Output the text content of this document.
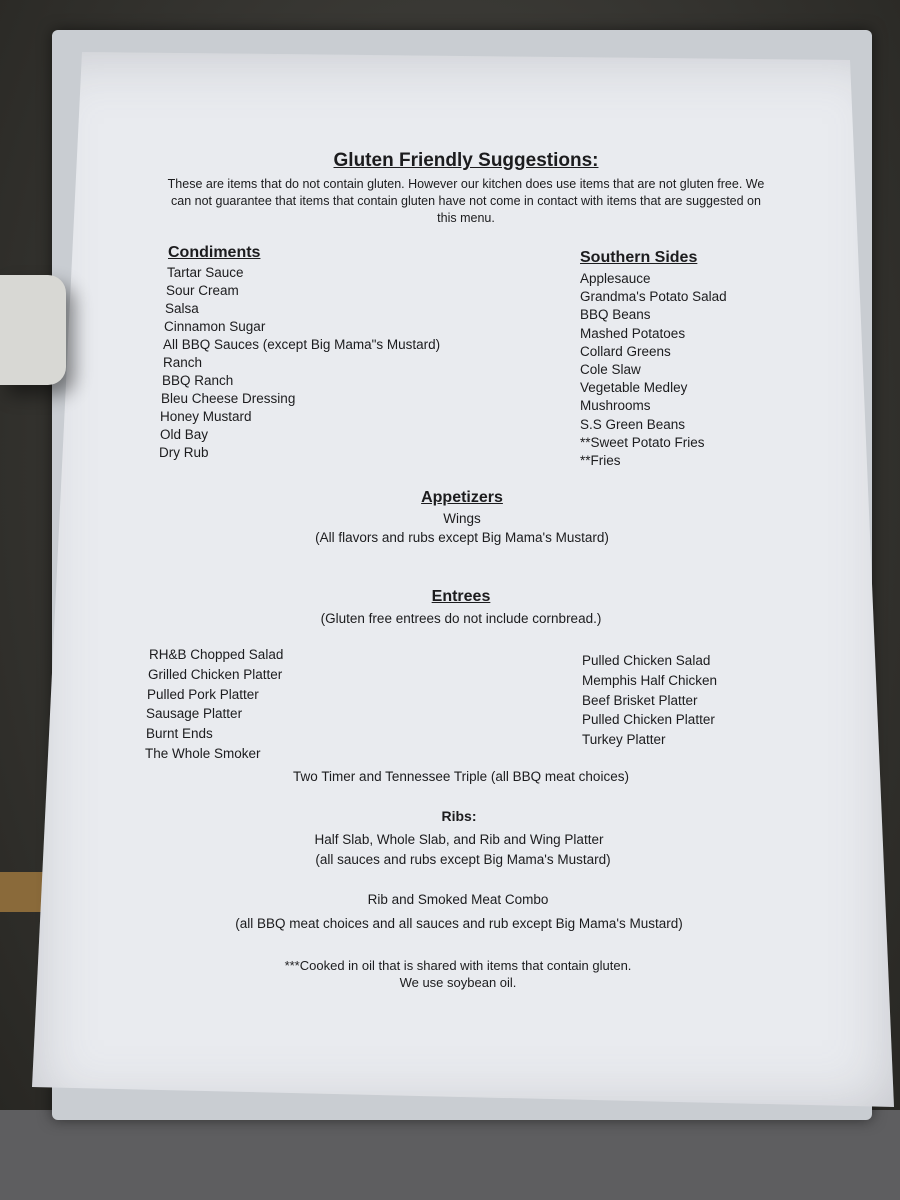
Gluten Friendly Suggestions:
These are items that do not contain gluten. However our kitchen does use items that are not gluten free. We can not guarantee that items that contain gluten have not come in contact with items that are suggested on this menu.
Condiments
Tartar Sauce
Sour Cream
Salsa
Cinnamon Sugar
All BBQ Sauces (except Big Mama"s Mustard)
Ranch
BBQ Ranch
Bleu Cheese Dressing
Honey Mustard
Old Bay
Dry Rub
Southern Sides
Applesauce
Grandma's Potato Salad
BBQ Beans
Mashed Potatoes
Collard Greens
Cole Slaw
Vegetable Medley
Mushrooms
S.S Green Beans
**Sweet Potato Fries
**Fries
Appetizers
Wings
(All flavors and rubs except Big Mama's Mustard)
Entrees
(Gluten free entrees do not include cornbread.)
RH&B Chopped Salad
Grilled Chicken Platter
Pulled Pork Platter
Sausage Platter
Burnt Ends
The Whole Smoker
Pulled Chicken Salad
Memphis Half Chicken
Beef Brisket Platter
Pulled Chicken Platter
Turkey Platter
Two Timer and Tennessee Triple (all BBQ meat choices)
Ribs:
Half Slab, Whole Slab, and Rib and Wing Platter
(all sauces and rubs except Big Mama's Mustard)
Rib and Smoked Meat Combo
(all BBQ meat choices and all sauces and rub except Big Mama's Mustard)
***Cooked in oil that is shared with items that contain gluten.
We use soybean oil.
